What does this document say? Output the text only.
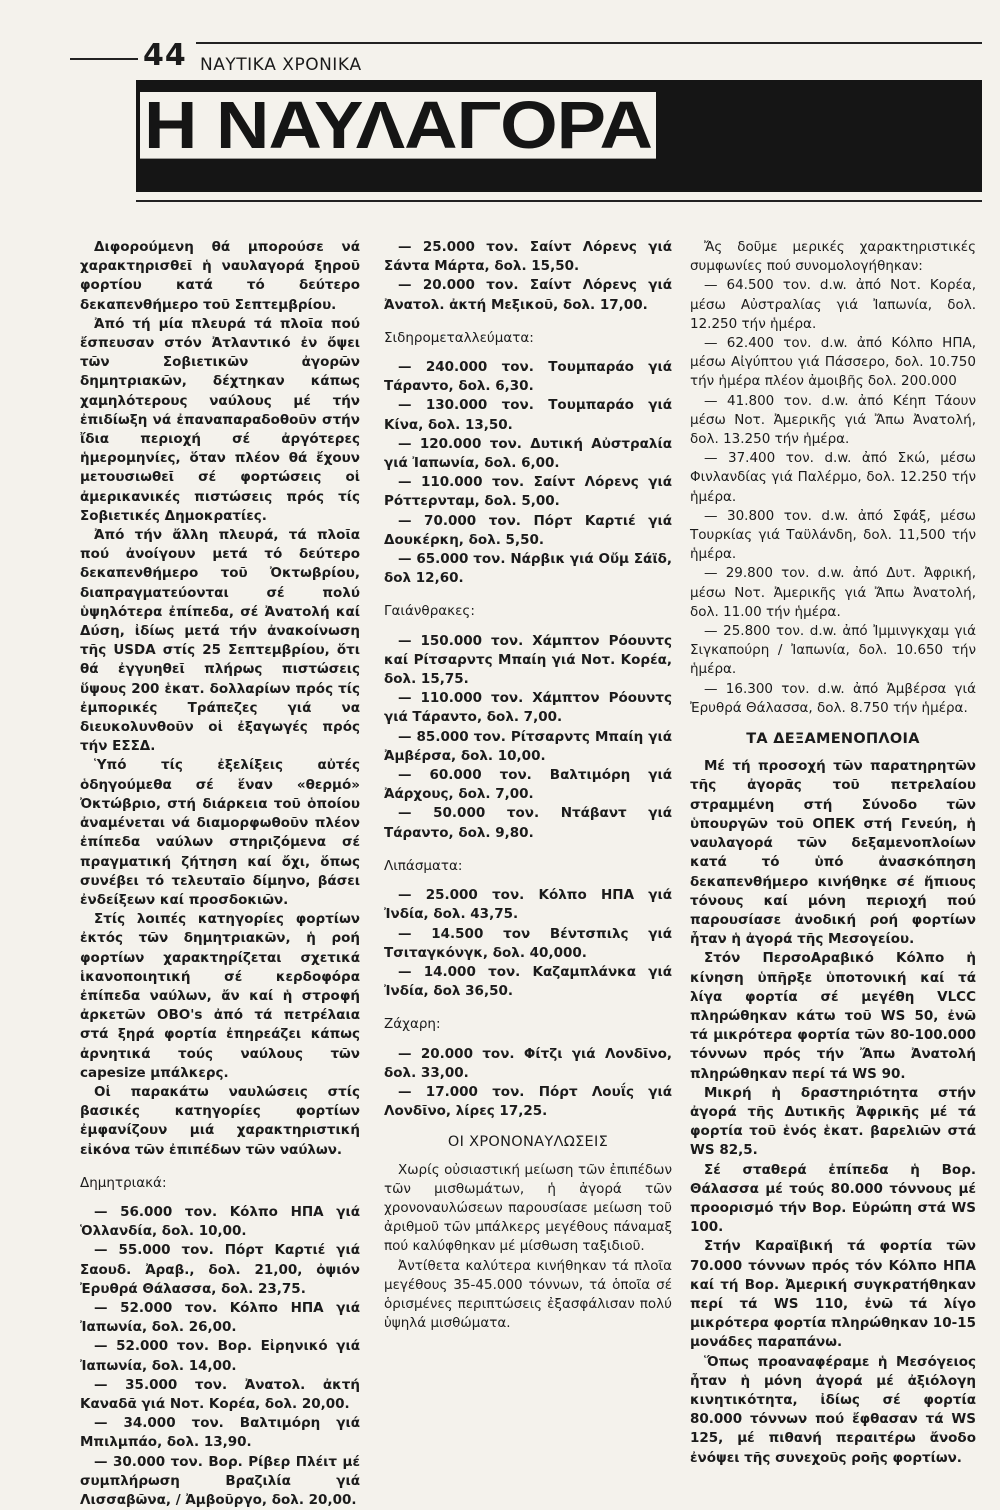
44 ΝΑΥΤΙΚΑ ΧΡΟΝΙΚΑ
Η ΝΑΥΛΑΓΟΡΑ

Διφορούμενη θά μπορούσε νά χαρακτηρισθεῖ ἡ ναυλαγορά ξηροῦ φορτίου κατά τό δεύτερο δεκαπενθήμερο τοῦ Σεπτεμβρίου.

Ἀπό τή μία πλευρά τά πλοῖα πού ἔσπευσαν στόν Ἀτλαντικό ἐν ὄψει τῶν Σοβιετικῶν ἀγορῶν δημητριακῶν, δέχτηκαν κάπως χαμηλότερους ναύλους μέ τήν ἐπιδίωξη νά ἐπαναπαραδοθοῦν στήν ἴδια περιοχή σέ ἀργότερες ἡμερομηνίες, ὅταν πλέον θά ἔχουν μετουσιωθεῖ σέ φορτώσεις οἱ ἀμερικανικές πιστώσεις πρός τίς Σοβιετικές Δημοκρατίες.

Ἀπό τήν ἄλλη πλευρά, τά πλοῖα πού ἀνοίγουν μετά τό δεύτερο δεκαπενθήμερο τοῦ Ὀκτωβρίου, διαπραγματεύονται σέ πολύ ὑψηλότερα ἐπίπεδα, σέ Ἀνατολή καί Δύση, ἰδίως μετά τήν ἀνακοίνωση τῆς USDA στίς 25 Σεπτεμβρίου, ὅτι θά ἐγγυηθεῖ πλήρως πιστώσεις ὕψους 200 ἑκατ. δολλαρίων πρός τίς ἐμπορικές Τράπεζες γιά να διευκολυνθοῦν οἱ ἐξαγωγές πρός τήν ΕΣΣΔ.

Ὑπό τίς ἐξελίξεις αὐτές ὁδηγούμεθα σέ ἕναν «θερμό» Ὀκτώβριο, στή διάρκεια τοῦ ὁποίου ἀναμένεται νά διαμορφωθοῦν πλέον ἐπίπεδα ναύλων στηριζόμενα σέ πραγματική ζήτηση καί ὄχι, ὅπως συνέβει τό τελευταῖο δίμηνο, βάσει ἐνδείξεων καί προσδοκιῶν.

Στίς λοιπές κατηγορίες φορτίων ἐκτός τῶν δημητριακῶν, ἡ ροή φορτίων χαρακτηρίζεται σχετικά ἱκανοποιητική σέ κερδοφόρα ἐπίπεδα ναύλων, ἄν καί ἡ στροφή ἀρκετῶν OBO's ἀπό τά πετρέλαια στά ξηρά φορτία ἐπηρεάζει κάπως ἀρνητικά τούς ναύλους τῶν capesize μπάλκερς.

Οἱ παρακάτω ναυλώσεις στίς βασικές κατηγορίες φορτίων ἐμφανίζουν μιά χαρακτηριστική εἰκόνα τῶν ἐπιπέδων τῶν ναύλων.

Δημητριακά:

— 56.000 τον. Κόλπο ΗΠΑ γιά Ὁλλανδία, δολ. 10,00.

— 55.000 τον. Πόρτ Καρτιέ γιά Σαουδ. Ἀραβ., δολ. 21,00, ὀψιόν Ἐρυθρά Θάλασσα, δολ. 23,75.

— 52.000 τον. Κόλπο ΗΠΑ γιά Ἰαπωνία, δολ. 26,00.

— 52.000 τον. Βορ. Εἰρηνικό γιά Ἰαπωνία, δολ. 14,00.

— 35.000 τον. Ἀνατολ. ἀκτή Καναδᾶ γιά Νοτ. Κορέα, δολ. 20,00.

— 34.000 τον. Βαλτιμόρη γιά Μπιλμπάο, δολ. 13,90.

— 30.000 τον. Βορ. Ρίβερ Πλέιτ μέ συμπλήρωση Βραζιλία γιά Λισσαβῶνα, / Ἀμβοῦργο, δολ. 20,00.

— 25.000 τον. Σαίντ Λόρενς γιά Σάντα Μάρτα, δολ. 15,50.

— 20.000 τον. Σαίντ Λόρενς γιά Ἀνατολ. ἀκτή Μεξικοῦ, δολ. 17,00.

Σιδηρομεταλλεύματα:

— 240.000 τον. Τουμπαράο γιά Τάραντο, δολ. 6,30.

— 130.000 τον. Τουμπαράο γιά Κίνα, δολ. 13,50.

— 120.000 τον. Δυτική Αὐστραλία γιά Ἰαπωνία, δολ. 6,00.

— 110.000 τον. Σαίντ Λόρενς γιά Ρόττερνταμ, δολ. 5,00.

— 70.000 τον. Πόρτ Καρτιέ γιά Δουκέρκη, δολ. 5,50.

— 65.000 τον. Νάρβικ γιά Οὔμ Σάϊδ, δολ 12,60.

Γαιάνθρακες:

— 150.000 τον. Χάμπτον Ρόουντς καί Ρίτσαρντς Μπαίη γιά Νοτ. Κορέα, δολ. 15,75.

— 110.000 τον. Χάμπτον Ρόουντς γιά Τάραντο, δολ. 7,00.

— 85.000 τον. Ρίτσαρντς Μπαίη γιά Ἀμβέρσα, δολ. 10,00.

— 60.000 τον. Βαλτιμόρη γιά Ἀάρχους, δολ. 7,00.

— 50.000 τον. Ντάβαντ γιά Τάραντο, δολ. 9,80.

Λιπάσματα:

— 25.000 τον. Κόλπο ΗΠΑ γιά Ἰνδία, δολ. 43,75.

— 14.500 τον Βέντσπιλς γιά Τσιταγκόνγκ, δολ. 40,000.

— 14.000 τον. Καζαμπλάνκα γιά Ἰνδία, δολ 36,50.

Ζάχαρη:

— 20.000 τον. Φίτζι γιά Λονδῖνο, δολ. 33,00.

— 17.000 τον. Πόρτ Λουΐς γιά Λονδῖνο, λίρες 17,25.

ΟΙ ΧΡΟΝΟΝΑΥΛΩΣΕΙΣ

Χωρίς οὐσιαστική μείωση τῶν ἐπιπέδων τῶν μισθωμάτων, ἡ ἀγορά τῶν χρονοναυλώσεων παρουσίασε μείωση τοῦ ἀριθμοῦ τῶν μπάλκερς μεγέθους πάναμαξ πού καλύφθηκαν μέ μίσθωση ταξιδιοῦ.

Ἀντίθετα καλύτερα κινήθηκαν τά πλοῖα μεγέθους 35-45.000 τόννων, τά ὁποῖα σέ ὁρισμένες περιπτώσεις ἐξασφάλισαν πολύ ὑψηλά μισθώματα.

Ἄς δοῦμε μερικές χαρακτηριστικές συμφωνίες πού συνομολογήθηκαν:

— 64.500 τον. d.w. ἀπό Νοτ. Κορέα, μέσω Αὐστραλίας γιά Ἰαπωνία, δολ. 12.250 τήν ἡμέρα.

— 62.400 τον. d.w. ἀπό Κόλπο ΗΠΑ, μέσω Αἰγύπτου γιά Πάσσερο, δολ. 10.750 τήν ἡμέρα πλέον ἀμοιβῆς δολ. 200.000

— 41.800 τον. d.w. ἀπό Κέηπ Τάουν μέσω Νοτ. Ἀμερικῆς γιά Ἄπω Ἀνατολή, δολ. 13.250 τήν ἡμέρα.

— 37.400 τον. d.w. ἀπό Σκώ, μέσω Φινλανδίας γιά Παλέρμο, δολ. 12.250 τήν ἡμέρα.

— 30.800 τον. d.w. ἀπό Σφάξ, μέσω Τουρκίας γιά Ταϋλάνδη, δολ. 11,500 τήν ἡμέρα.

— 29.800 τον. d.w. ἀπό Δυτ. Ἀφρική, μέσω Νοτ. Ἀμερικῆς γιά Ἄπω Ἀνατολή, δολ. 11.00 τήν ἡμέρα.

— 25.800 τον. d.w. ἀπό Ἰμμινγκχαμ γιά Σιγκαπούρη / Ἰαπωνία, δολ. 10.650 τήν ἡμέρα.

— 16.300 τον. d.w. ἀπό Ἀμβέρσα γιά Ἐρυθρά Θάλασσα, δολ. 8.750 τήν ἡμέρα.

ΤΑ ΔΕΞΑΜΕΝΟΠΛΟΙΑ

Μέ τή προσοχή τῶν παρατηρητῶν τῆς ἀγορᾶς τοῦ πετρελαίου στραμμένη στή Σύνοδο τῶν ὑπουργῶν τοῦ ΟΠΕΚ στή Γενεύη, ἡ ναυλαγορά τῶν δεξαμενοπλοίων κατά τό ὑπό ἀνασκόπηση δεκαπενθήμερο κινήθηκε σέ ἤπιους τόνους καί μόνη περιοχή πού παρουσίασε ἀνοδική ροή φορτίων ἦταν ἡ ἀγορά τῆς Μεσογείου.

Στόν ΠερσοΑραβικό Κόλπο ἡ κίνηση ὑπῆρξε ὑποτονική καί τά λίγα φορτία σέ μεγέθη VLCC πληρώθηκαν κάτω τοῦ WS 50, ἐνῶ τά μικρότερα φορτία τῶν 80-100.000 τόννων πρός τήν Ἄπω Ἀνατολή πληρώθηκαν περί τά WS 90.

Μικρή ἡ δραστηριότητα στήν ἀγορά τῆς Δυτικῆς Ἀφρικῆς μέ τά φορτία τοῦ ἑνός ἑκατ. βαρελιῶν στά WS 82,5.

Σέ σταθερά ἐπίπεδα ἡ Βορ. Θάλασσα μέ τούς 80.000 τόννους μέ προορισμό τήν Βορ. Εὐρώπη στά WS 100.

Στήν Καραϊβική τά φορτία τῶν 70.000 τόννων πρός τόν Κόλπο ΗΠΑ καί τή Βορ. Ἀμερική συγκρατήθηκαν περί τά WS 110, ἐνῶ τά λίγο μικρότερα φορτία πληρώθηκαν 10-15 μονάδες παραπάνω.

Ὅπως προαναφέραμε ἡ Μεσόγειος ἦταν ἡ μόνη ἀγορά μέ ἀξιόλογη κινητικότητα, ἰδίως σέ φορτία 80.000 τόννων πού ἔφθασαν τά WS 125, μέ πιθανή περαιτέρω ἄνοδο ἐνόψει τῆς συνεχοῦς ροῆς φορτίων.
